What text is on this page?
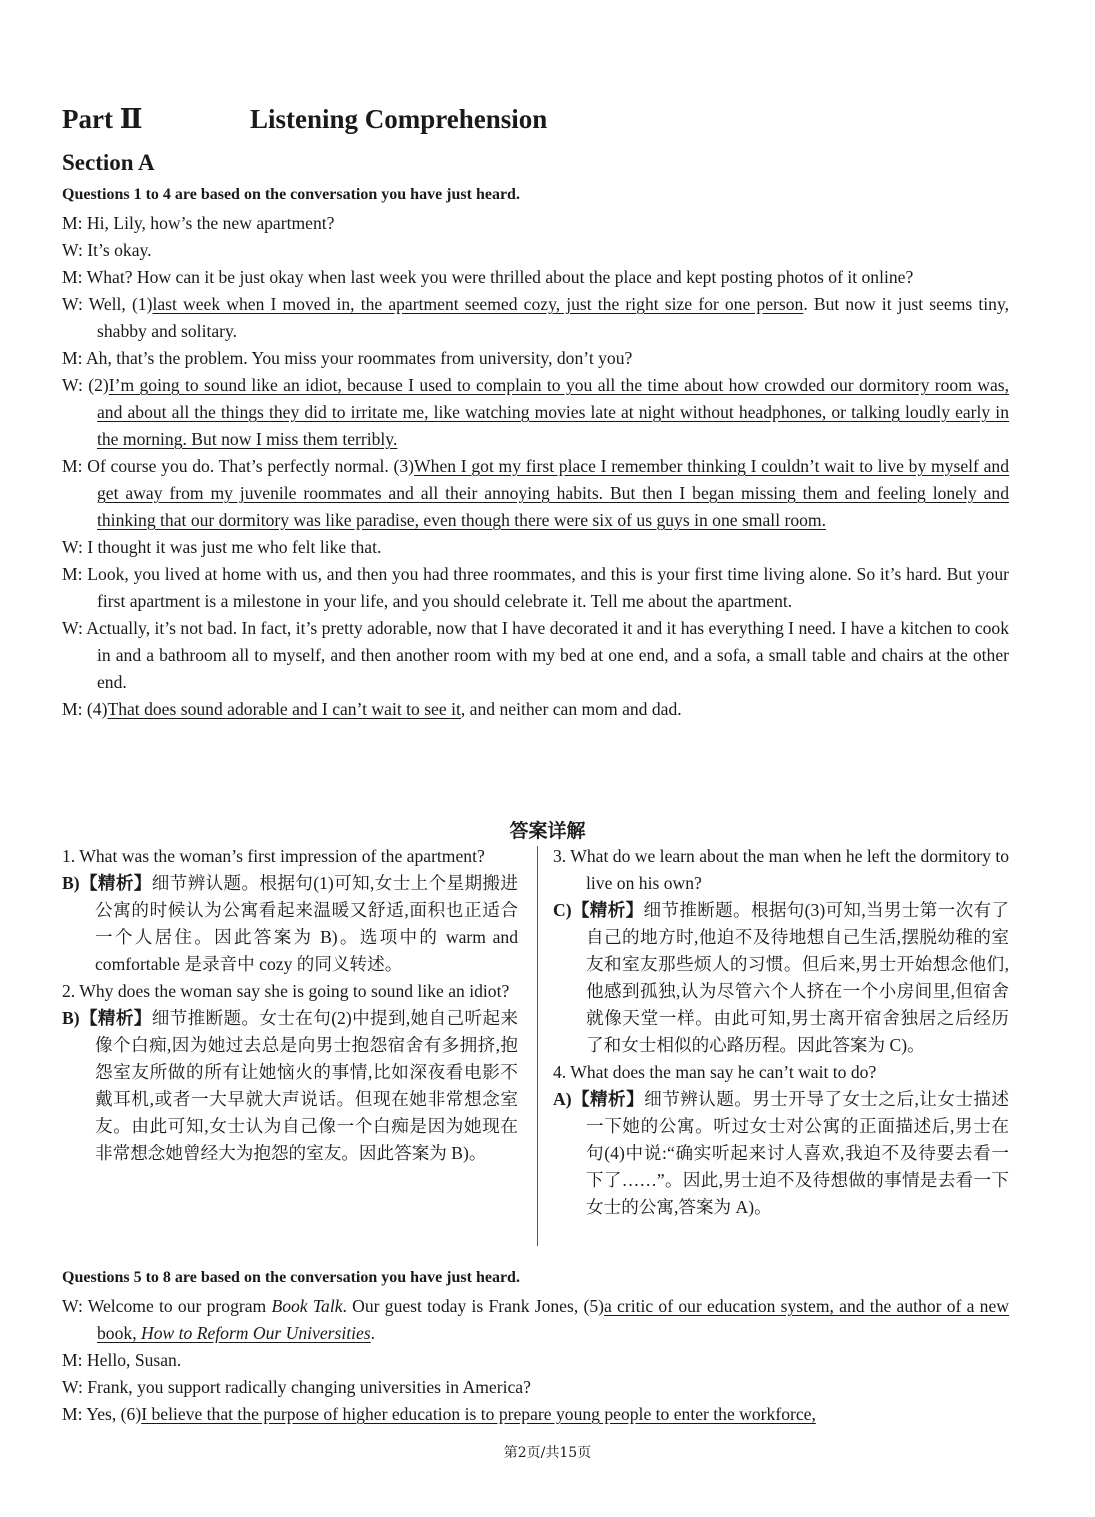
Part Ⅱ	Listening Comprehension
Section A
Questions 1 to 4 are based on the conversation you have just heard.
M: Hi, Lily, how’s the new apartment?
W: It’s okay.
M: What? How can it be just okay when last week you were thrilled about the place and kept posting photos of it online?
W: Well, (1)last week when I moved in, the apartment seemed cozy, just the right size for one person. But now it just seems tiny, shabby and solitary.
M: Ah, that’s the problem. You miss your roommates from university, don’t you?
W: (2)I’m going to sound like an idiot, because I used to complain to you all the time about how crowded our dormitory room was, and about all the things they did to irritate me, like watching movies late at night without headphones, or talking loudly early in the morning. But now I miss them terribly.
M: Of course you do. That’s perfectly normal. (3)When I got my first place I remember thinking I couldn’t wait to live by myself and get away from my juvenile roommates and all their annoying habits. But then I began missing them and feeling lonely and thinking that our dormitory was like paradise, even though there were six of us guys in one small room.
W: I thought it was just me who felt like that.
M: Look, you lived at home with us, and then you had three roommates, and this is your first time living alone. So it’s hard. But your first apartment is a milestone in your life, and you should celebrate it. Tell me about the apartment.
W: Actually, it’s not bad. In fact, it’s pretty adorable, now that I have decorated it and it has everything I need. I have a kitchen to cook in and a bathroom all to myself, and then another room with my bed at one end, and a sofa, a small table and chairs at the other end.
M: (4)That does sound adorable and I can’t wait to see it, and neither can mom and dad.
答案详解
1. What was the woman’s first impression of the apartment?
B)【精析】细节辨认题。根据句(1)可知,女士上个星期搬进公寓的时候认为公寓看起来温暖又舒适,面积也正适合一个人居住。因此答案为 B)。选项中的 warm and comfortable 是录音中 cozy 的同义转述。
2. Why does the woman say she is going to sound like an idiot?
B)【精析】细节推断题。女士在句(2)中提到,她自己听起来像个白痴,因为她过去总是向男士抱怨宿舍有多拥挤,抱怨室友所做的所有让她恼火的事情,比如深夜看电影不戴耳机,或者一大早就大声说话。但现在她非常想念室友。由此可知,女士认为自己像一个白痴是因为她现在非常想念她曾经大为抱怨的室友。因此答案为 B)。
3. What do we learn about the man when he left the dormitory to live on his own?
C)【精析】细节推断题。根据句(3)可知,当男士第一次有了自己的地方时,他迫不及待地想自己生活,摆脱幼稚的室友和室友那些烦人的习惯。但后来,男士开始想念他们,他感到孤独,认为尽管六个人挤在一个小房间里,但宿舍就像天堂一样。由此可知,男士离开宿舍独居之后经历了和女士相似的心路历程。因此答案为 C)。
4. What does the man say he can’t wait to do?
A)【精析】细节辨认题。男士开导了女士之后,让女士描述一下她的公寓。听过女士对公寓的正面描述后,男士在句(4)中说:“确实听起来讨人喜欢,我迫不及待要去看一下了……”。因此,男士迫不及待想做的事情是去看一下女士的公寓,答案为 A)。
Questions 5 to 8 are based on the conversation you have just heard.
W: Welcome to our program Book Talk. Our guest today is Frank Jones, (5)a critic of our education system, and the author of a new book, How to Reform Our Universities.
M: Hello, Susan.
W: Frank, you support radically changing universities in America?
M: Yes, (6)I believe that the purpose of higher education is to prepare young people to enter the workforce,
第2页/共15页
